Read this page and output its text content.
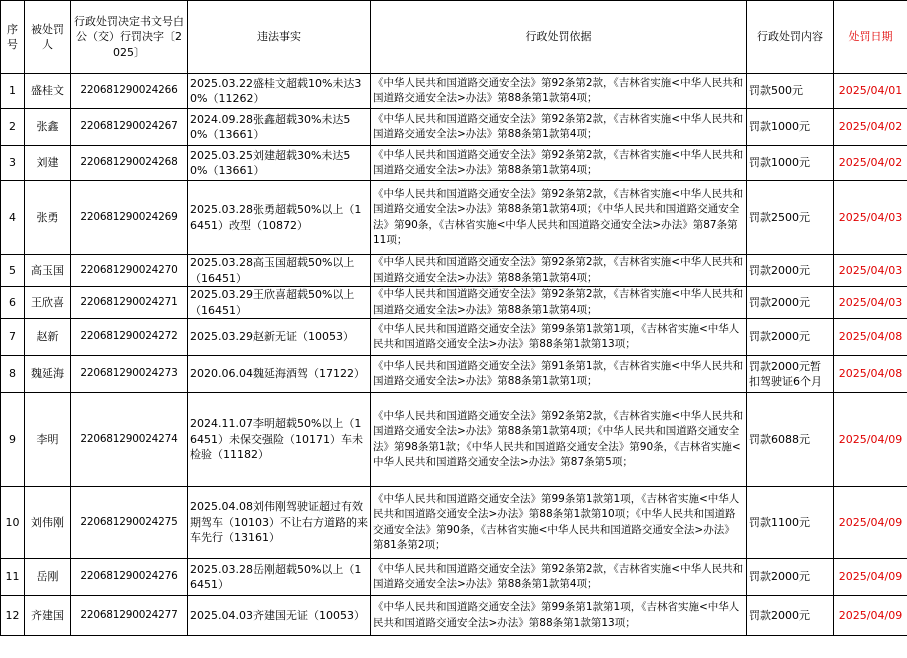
序号	被处罚人	行政处罚决定书文号白公（交）行罚决字〔2025〕	违法事实	行政处罚依据	行政处罚内容	处罚日期
1	盛桂文	220681290024266	2025.03.22盛桂文超载10%未达30%（11262）	《中华人民共和国道路交通安全法》第92条第2款，《吉林省实施<中华人民共和国道路交通安全法>办法》第88条第1款第4项；	罚款500元	2025/04/01
2	张鑫	220681290024267	2024.09.28张鑫超载30%未达50%（13661）	《中华人民共和国道路交通安全法》第92条第2款，《吉林省实施<中华人民共和国道路交通安全法>办法》第88条第1款第4项；	罚款1000元	2025/04/02
3	刘建	220681290024268	2025.03.25刘建超载30%未达50%（13661）	《中华人民共和国道路交通安全法》第92条第2款，《吉林省实施<中华人民共和国道路交通安全法>办法》第88条第1款第4项；	罚款1000元	2025/04/02
4	张勇	220681290024269	2025.03.28张勇超载50%以上（16451）改型（10872）	《中华人民共和国道路交通安全法》第92条第2款，《吉林省实施<中华人民共和国道路交通安全法>办法》第88条第1款第4项；《中华人民共和国道路交通安全法》第90条，《吉林省实施<中华人民共和国道路交通安全法>办法》第87条第11项；	罚款2500元	2025/04/03
5	高玉国	220681290024270	2025.03.28高玉国超载50%以上（16451）	《中华人民共和国道路交通安全法》第92条第2款，《吉林省实施<中华人民共和国道路交通安全法>办法》第88条第1款第4项；	罚款2000元	2025/04/03
6	王欣喜	220681290024271	2025.03.29王欣喜超载50%以上（16451）	《中华人民共和国道路交通安全法》第92条第2款，《吉林省实施<中华人民共和国道路交通安全法>办法》第88条第1款第4项；	罚款2000元	2025/04/03
7	赵新	220681290024272	2025.03.29赵新无证（10053）	《中华人民共和国道路交通安全法》第99条第1款第1项，《吉林省实施<中华人民共和国道路交通安全法>办法》第88条第1款第13项；	罚款2000元	2025/04/08
8	魏延海	220681290024273	2020.06.04魏延海酒驾（17122）	《中华人民共和国道路交通安全法》第91条第1款，《吉林省实施<中华人民共和国道路交通安全法>办法》第88条第1款第1项；	罚款2000元暂扣驾驶证6个月	2025/04/08
9	李明	220681290024274	2024.11.07李明超载50%以上（16451）未保交强险（10171）车未检验（11182）	《中华人民共和国道路交通安全法》第92条第2款，《吉林省实施<中华人民共和国道路交通安全法>办法》第88条第1款第4项；《中华人民共和国道路交通安全法》第98条第1款；《中华人民共和国道路交通安全法》第90条，《吉林省实施<中华人民共和国道路交通安全法>办法》第87条第5项；	罚款6088元	2025/04/09
10	刘伟刚	220681290024275	2025.04.08刘伟刚驾驶证超过有效期驾车（10103）不让右方道路的来车先行（13161）	《中华人民共和国道路交通安全法》第99条第1款第1项，《吉林省实施<中华人民共和国道路交通安全法>办法》第88条第1款第10项；《中华人民共和国道路交通安全法》第90条，《吉林省实施<中华人民共和国道路交通安全法>办法》第81条第2项；	罚款1100元	2025/04/09
11	岳刚	220681290024276	2025.03.28岳刚超载50%以上（16451）	《中华人民共和国道路交通安全法》第92条第2款，《吉林省实施<中华人民共和国道路交通安全法>办法》第88条第1款第4项；	罚款2000元	2025/04/09
12	齐建国	220681290024277	2025.04.03齐建国无证（10053）	《中华人民共和国道路交通安全法》第99条第1款第1项，《吉林省实施<中华人民共和国道路交通安全法>办法》第88条第1款第13项；	罚款2000元	2025/04/09
